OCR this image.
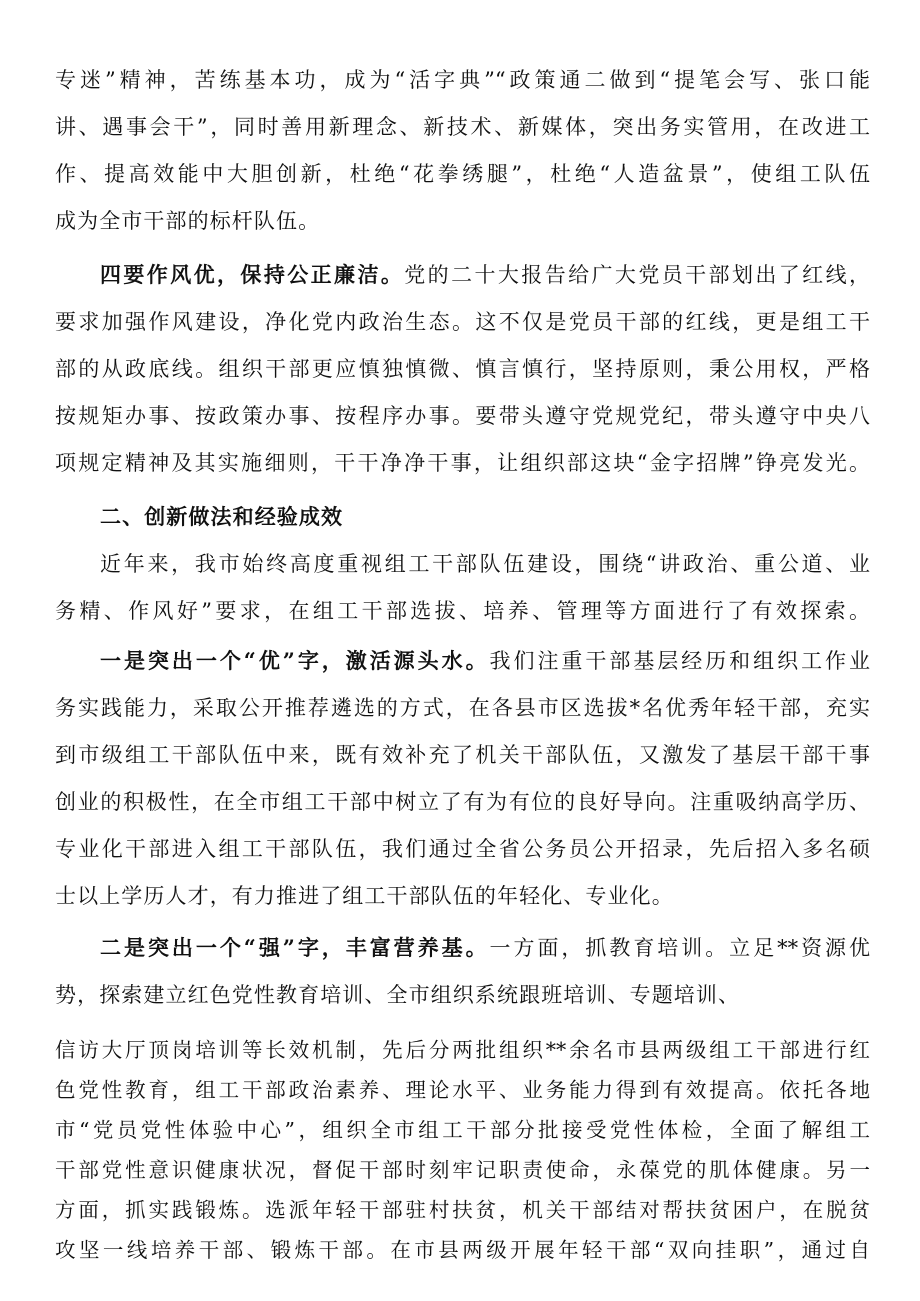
专迷”精神，苦练基本功，成为“活字典”“政策通二做到“提笔会写、张口能
讲、遇事会干”，同时善用新理念、新技术、新媒体，突出务实管用，在改进工
作、提高效能中大胆创新，杜绝“花拳绣腿”，杜绝“人造盆景”，使组工队伍
成为全市干部的标杆队伍。
四要作风优，保持公正廉洁。党的二十大报告给广大党员干部划出了红线，
要求加强作风建设，净化党内政治生态。这不仅是党员干部的红线，更是组工干
部的从政底线。组织干部更应慎独慎微、慎言慎行，坚持原则，秉公用权，严格
按规矩办事、按政策办事、按程序办事。要带头遵守党规党纪，带头遵守中央八
项规定精神及其实施细则，干干净净干事，让组织部这块“金字招牌”铮亮发光。
二、创新做法和经验成效
近年来，我市始终高度重视组工干部队伍建设，围绕“讲政治、重公道、业
务精、作风好”要求，在组工干部选拔、培养、管理等方面进行了有效探索。
一是突出一个“优”字，激活源头水。我们注重干部基层经历和组织工作业
务实践能力，采取公开推荐遴选的方式，在各县市区选拔*名优秀年轻干部，充实
到市级组工干部队伍中来，既有效补充了机关干部队伍，又激发了基层干部干事
创业的积极性，在全市组工干部中树立了有为有位的良好导向。注重吸纳高学历、
专业化干部进入组工干部队伍，我们通过全省公务员公开招录，先后招入多名硕
士以上学历人才，有力推进了组工干部队伍的年轻化、专业化。
二是突出一个“强”字，丰富营养基。一方面，抓教育培训。立足**资源优
势，探索建立红色党性教育培训、全市组织系统跟班培训、专题培训、
信访大厅顶岗培训等长效机制，先后分两批组织**余名市县两级组工干部进行红
色党性教育，组工干部政治素养、理论水平、业务能力得到有效提高。依托各地
市“党员党性体验中心”，组织全市组工干部分批接受党性体检，全面了解组工
干部党性意识健康状况，督促干部时刻牢记职责使命，永葆党的肌体健康。另一
方面，抓实践锻炼。选派年轻干部驻村扶贫，机关干部结对帮扶贫困户，在脱贫
攻坚一线培养干部、锻炼干部。在市县两级开展年轻干部“双向挂职”，通过自
